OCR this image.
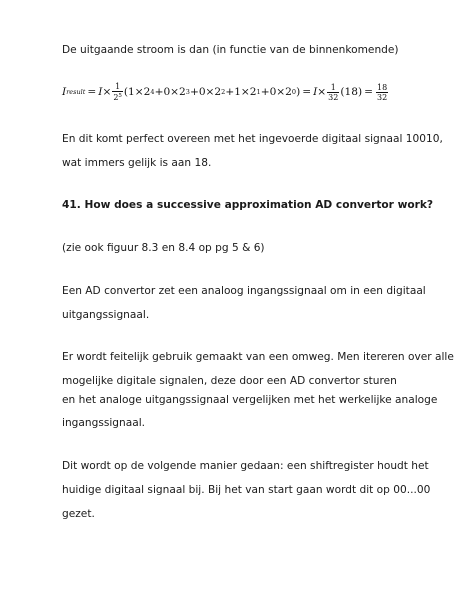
De uitgaande stroom is dan (in functie van de binnenkomende)
I result = $I \times \frac{1}{2^5} (1\times 2$ 4 +0×2 3 +0×2 2 +1×2 1 +0×2 0 ) = $I \times \frac{1}{32} (18) = \frac{18}{32}$
En dit komt perfect overeen met het ingevoerde digitaal signaal 10010,
wat immers gelijk is aan 18.
41. How does a successive approximation AD convertor work?
(zie ook figuur 8.3 en 8.4 op pg 5 & 6)
Een AD convertor zet een analoog ingangssignaal om in een digitaal
uitgangssignaal.
Er wordt feitelijk gebruik gemaakt van een omweg. Men itereren over alle
mogelijke digitale signalen, deze door een AD convertor sturen
en het analoge uitgangssignaal vergelijken met het werkelijke analoge
ingangssignaal.
Dit wordt op de volgende manier gedaan: een shiftregister houdt het
huidige digitaal signaal bij. Bij het van start gaan wordt dit op 00...00
gezet.
